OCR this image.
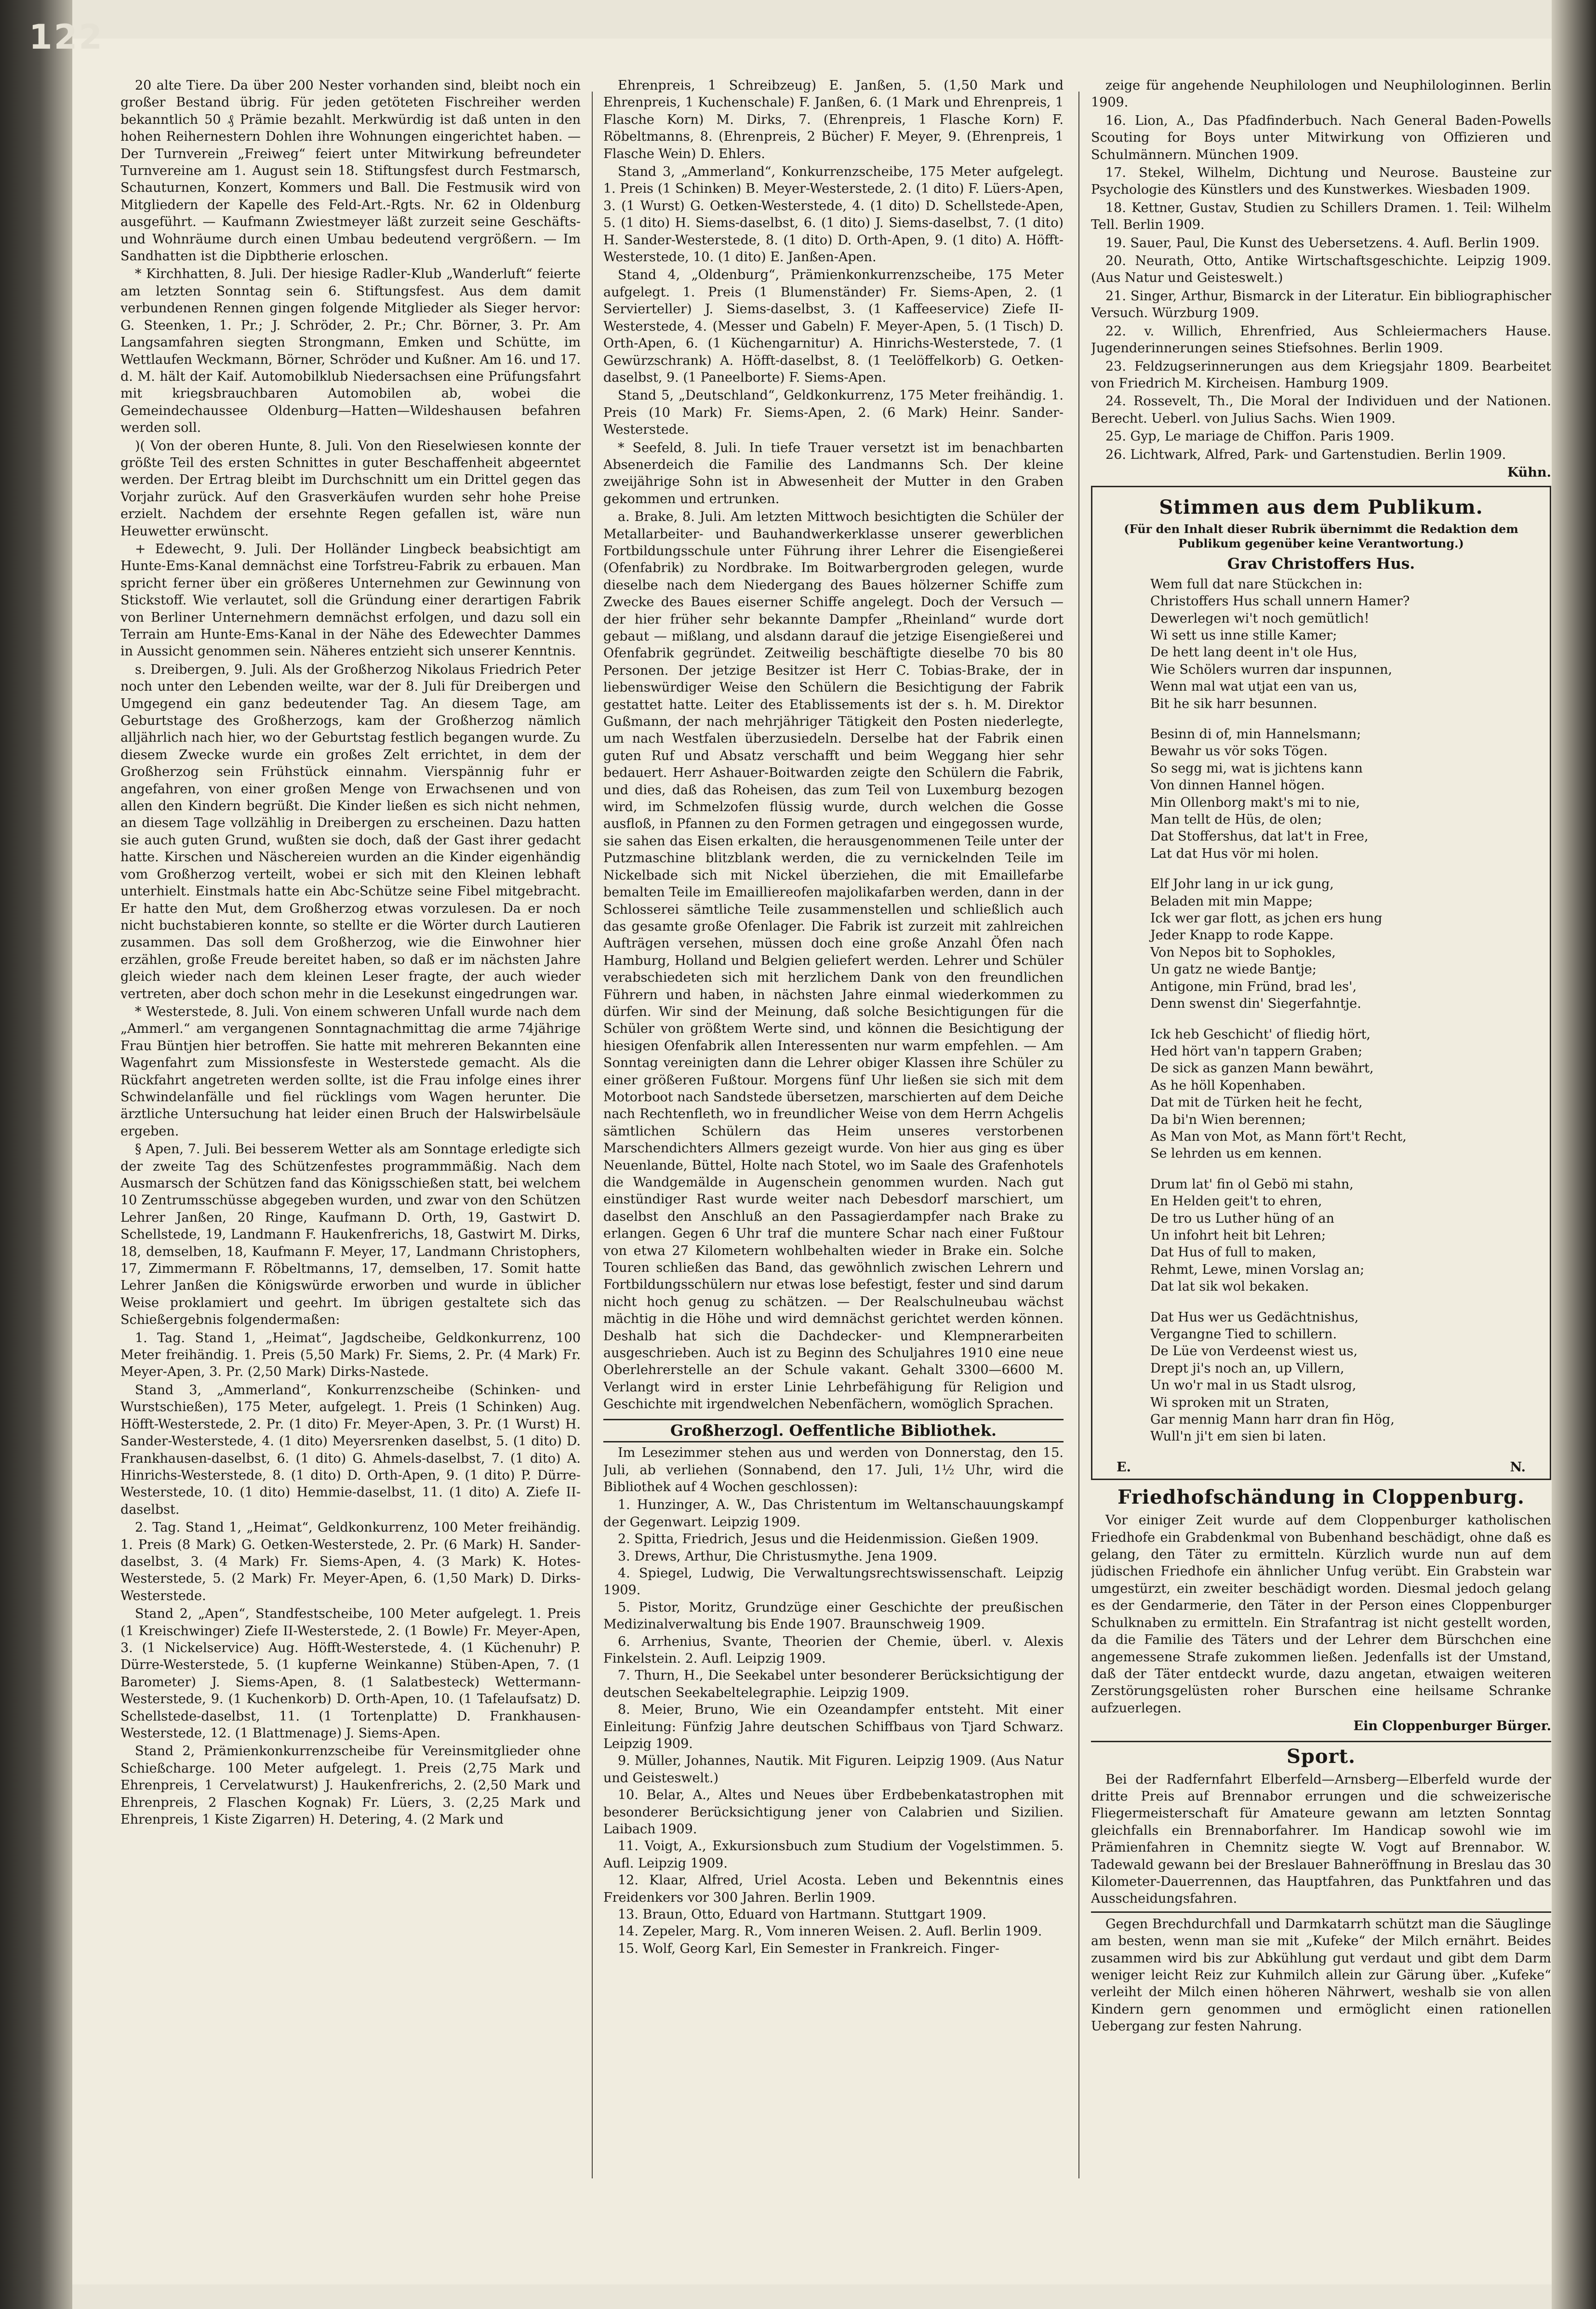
122

20 alte Tiere. Da über 200 Nester vorhanden sind, bleibt noch ein großer Bestand übrig. Für jeden getöteten Fischreiher werden bekanntlich 50 ₰ Prämie bezahlt. Merkwürdig ist daß unten in den hohen Reihernestern Dohlen ihre Wohnungen eingerichtet haben. — Der Turnverein „Freiweg“ feiert unter Mitwirkung befreundeter Turnvereine am 1. August sein 18. Stiftungsfest durch Festmarsch, Schauturnen, Konzert, Kommers und Ball. Die Festmusik wird von Mitgliedern der Kapelle des Feld-Art.-Rgts. Nr. 62 in Oldenburg ausgeführt. — Kaufmann Zwiestmeyer läßt zurzeit seine Geschäfts- und Wohnräume durch einen Umbau bedeutend vergrößern. — Im Sandhatten ist die Dipbtherie erloschen.

* Kirchhatten, 8. Juli. Der hiesige Radler-Klub „Wanderluft“ feierte am letzten Sonntag sein 6. Stiftungsfest. Aus dem damit verbundenen Rennen gingen folgende Mitglieder als Sieger hervor: G. Steenken, 1. Pr.; J. Schröder, 2. Pr.; Chr. Börner, 3. Pr. Am Langsamfahren siegten Strongmann, Emken und Schütte, im Wettlaufen Weckmann, Börner, Schröder und Kußner. Am 16. und 17. d. M. hält der Kaif. Automobilklub Niedersachsen eine Prüfungsfahrt mit kriegsbrauchbaren Automobilen ab, wobei die Gemeindechaussee Oldenburg—Hatten—Wildeshausen befahren werden soll.

)( Von der oberen Hunte, 8. Juli. Von den Rieselwiesen konnte der größte Teil des ersten Schnittes in guter Beschaffenheit abgeerntet werden. Der Ertrag bleibt im Durchschnitt um ein Drittel gegen das Vorjahr zurück. Auf den Grasverkäufen wurden sehr hohe Preise erzielt. Nachdem der ersehnte Regen gefallen ist, wäre nun Heuwetter erwünscht.

+ Edewecht, 9. Juli. Der Holländer Lingbeck beabsichtigt am Hunte-Ems-Kanal demnächst eine Torfstreu-Fabrik zu erbauen. Man spricht ferner über ein größeres Unternehmen zur Gewinnung von Stickstoff. Wie verlautet, soll die Gründung einer derartigen Fabrik von Berliner Unternehmern demnächst erfolgen, und dazu soll ein Terrain am Hunte-Ems-Kanal in der Nähe des Edewechter Dammes in Aussicht genommen sein. Näheres entzieht sich unserer Kenntnis.

s. Dreibergen, 9. Juli. Als der Großherzog Nikolaus Friedrich Peter noch unter den Lebenden weilte, war der 8. Juli für Dreibergen und Umgegend ein ganz bedeutender Tag. An diesem Tage, am Geburtstage des Großherzogs, kam der Großherzog nämlich alljährlich nach hier, wo der Geburtstag festlich begangen wurde. Zu diesem Zwecke wurde ein großes Zelt errichtet, in dem der Großherzog sein Frühstück einnahm. Vierspännig fuhr er angefahren, von einer großen Menge von Erwachsenen und von allen den Kindern begrüßt. Die Kinder ließen es sich nicht nehmen, an diesem Tage vollzählig in Dreibergen zu erscheinen. Dazu hatten sie auch guten Grund, wußten sie doch, daß der Gast ihrer gedacht hatte. Kirschen und Näschereien wurden an die Kinder eigenhändig vom Großherzog verteilt, wobei er sich mit den Kleinen lebhaft unterhielt. Einstmals hatte ein Abc-Schütze seine Fibel mitgebracht. Er hatte den Mut, dem Großherzog etwas vorzulesen. Da er noch nicht buchstabieren konnte, so stellte er die Wörter durch Lautieren zusammen. Das soll dem Großherzog, wie die Einwohner hier erzählen, große Freude bereitet haben, so daß er im nächsten Jahre gleich wieder nach dem kleinen Leser fragte, der auch wieder vertreten, aber doch schon mehr in die Lesekunst eingedrungen war.

* Westerstede, 8. Juli. Von einem schweren Unfall wurde nach dem „Ammerl.“ am vergangenen Sonntagnachmittag die arme 74jährige Frau Büntjen hier betroffen. Sie hatte mit mehreren Bekannten eine Wagenfahrt zum Missionsfeste in Westerstede gemacht. Als die Rückfahrt angetreten werden sollte, ist die Frau infolge eines ihrer Schwindelanfälle und fiel rücklings vom Wagen herunter. Die ärztliche Untersuchung hat leider einen Bruch der Halswirbelsäule ergeben.

§ Apen, 7. Juli. Bei besserem Wetter als am Sonntage erledigte sich der zweite Tag des Schützenfestes programmmäßig. Nach dem Ausmarsch der Schützen fand das Königsschießen statt, bei welchem 10 Zentrumsschüsse abgegeben wurden, und zwar von den Schützen Lehrer Janßen, 20 Ringe, Kaufmann D. Orth, 19, Gastwirt D. Schellstede, 19, Landmann F. Haukenfrerichs, 18, Gastwirt M. Dirks, 18, demselben, 18, Kaufmann F. Meyer, 17, Landmann Christophers, 17, Zimmermann F. Röbeltmanns, 17, demselben, 17. Somit hatte Lehrer Janßen die Königswürde erworben und wurde in üblicher Weise proklamiert und geehrt. Im übrigen gestaltete sich das Schießergebnis folgendermaßen:

1. Tag. Stand 1, „Heimat“, Jagdscheibe, Geldkonkurrenz, 100 Meter freihändig. 1. Preis (5,50 Mark) Fr. Siems, 2. Pr. (4 Mark) Fr. Meyer-Apen, 3. Pr. (2,50 Mark) Dirks-Nastede.

Stand 3, „Ammerland“, Konkurrenzscheibe (Schinken- und Wurstschießen), 175 Meter, aufgelegt. 1. Preis (1 Schinken) Aug. Höfft-Westerstede, 2. Pr. (1 dito) Fr. Meyer-Apen, 3. Pr. (1 Wurst) H. Sander-Westerstede, 4. (1 dito) Meyersrenken daselbst, 5. (1 dito) D. Frankhausen-daselbst, 6. (1 dito) G. Ahmels-daselbst, 7. (1 dito) A. Hinrichs-Westerstede, 8. (1 dito) D. Orth-Apen, 9. (1 dito) P. Dürre-Westerstede, 10. (1 dito) Hemmie-daselbst, 11. (1 dito) A. Ziefe II-daselbst.

2. Tag. Stand 1, „Heimat“, Geldkonkurrenz, 100 Meter freihändig. 1. Preis (8 Mark) G. Oetken-Westerstede, 2. Pr. (6 Mark) H. Sander-daselbst, 3. (4 Mark) Fr. Siems-Apen, 4. (3 Mark) K. Hotes-Westerstede, 5. (2 Mark) Fr. Meyer-Apen, 6. (1,50 Mark) D. Dirks-Westerstede.

Stand 2, „Apen“, Standfestscheibe, 100 Meter aufgelegt. 1. Preis (1 Kreischwinger) Ziefe II-Westerstede, 2. (1 Bowle) Fr. Meyer-Apen, 3. (1 Nickelservice) Aug. Höfft-Westerstede, 4. (1 Küchenuhr) P. Dürre-Westerstede, 5. (1 kupferne Weinkanne) Stüben-Apen, 7. (1 Barometer) J. Siems-Apen, 8. (1 Salatbesteck) Wettermann-Westerstede, 9. (1 Kuchenkorb) D. Orth-Apen, 10. (1 Tafelaufsatz) D. Schellstede-daselbst, 11. (1 Tortenplatte) D. Frankhausen-Westerstede, 12. (1 Blattmenage) J. Siems-Apen.

Stand 2, Prämienkonkurrenzscheibe für Vereinsmitglieder ohne Schießcharge. 100 Meter aufgelegt. 1. Preis (2,75 Mark und Ehrenpreis, 1 Cervelatwurst) J. Haukenfrerichs, 2. (2,50 Mark und Ehrenpreis, 2 Flaschen Kognak) Fr. Lüers, 3. (2,25 Mark und Ehrenpreis, 1 Kiste Zigarren) H. Detering, 4. (2 Mark und

Ehrenpreis, 1 Schreibzeug) E. Janßen, 5. (1,50 Mark und Ehrenpreis, 1 Kuchenschale) F. Janßen, 6. (1 Mark und Ehrenpreis, 1 Flasche Korn) M. Dirks, 7. (Ehrenpreis, 1 Flasche Korn) F. Röbeltmanns, 8. (Ehrenpreis, 2 Bücher) F. Meyer, 9. (Ehrenpreis, 1 Flasche Wein) D. Ehlers.

Stand 3, „Ammerland“, Konkurrenzscheibe, 175 Meter aufgelegt. 1. Preis (1 Schinken) B. Meyer-Westerstede, 2. (1 dito) F. Lüers-Apen, 3. (1 Wurst) G. Oetken-Westerstede, 4. (1 dito) D. Schellstede-Apen, 5. (1 dito) H. Siems-daselbst, 6. (1 dito) J. Siems-daselbst, 7. (1 dito) H. Sander-Westerstede, 8. (1 dito) D. Orth-Apen, 9. (1 dito) A. Höfft-Westerstede, 10. (1 dito) E. Janßen-Apen.

Stand 4, „Oldenburg“, Prämienkonkurrenzscheibe, 175 Meter aufgelegt. 1. Preis (1 Blumenständer) Fr. Siems-Apen, 2. (1 Servierteller) J. Siems-daselbst, 3. (1 Kaffeeservice) Ziefe II-Westerstede, 4. (Messer und Gabeln) F. Meyer-Apen, 5. (1 Tisch) D. Orth-Apen, 6. (1 Küchengarnitur) A. Hinrichs-Westerstede, 7. (1 Gewürzschrank) A. Höfft-daselbst, 8. (1 Teelöffelkorb) G. Oetken-daselbst, 9. (1 Paneelborte) F. Siems-Apen.

Stand 5, „Deutschland“, Geldkonkurrenz, 175 Meter freihändig. 1. Preis (10 Mark) Fr. Siems-Apen, 2. (6 Mark) Heinr. Sander-Westerstede.

* Seefeld, 8. Juli. In tiefe Trauer versetzt ist im benachbarten Absenerdeich die Familie des Landmanns Sch. Der kleine zweijährige Sohn ist in Abwesenheit der Mutter in den Graben gekommen und ertrunken.

a. Brake, 8. Juli. Am letzten Mittwoch besichtigten die Schüler der Metallarbeiter- und Bauhandwerkerklasse unserer gewerblichen Fortbildungsschule unter Führung ihrer Lehrer die Eisengießerei (Ofenfabrik) zu Nordbrake. Im Boitwarbergroden gelegen, wurde dieselbe nach dem Niedergang des Baues hölzerner Schiffe zum Zwecke des Baues eiserner Schiffe angelegt. Doch der Versuch — der hier früher sehr bekannte Dampfer „Rheinland“ wurde dort gebaut — mißlang, und alsdann darauf die jetzige Eisengießerei und Ofenfabrik gegründet. Zeitweilig beschäftigte dieselbe 70 bis 80 Personen. Der jetzige Besitzer ist Herr C. Tobias-Brake, der in liebenswürdiger Weise den Schülern die Besichtigung der Fabrik gestattet hatte. Leiter des Etablissements ist der s. h. M. Direktor Gußmann, der nach mehrjähriger Tätigkeit den Posten niederlegte, um nach Westfalen überzusiedeln. Derselbe hat der Fabrik einen guten Ruf und Absatz verschafft und beim Weggang hier sehr bedauert. Herr Ashauer-Boitwarden zeigte den Schülern die Fabrik, und dies, daß das Roheisen, das zum Teil von Luxemburg bezogen wird, im Schmelzofen flüssig wurde, durch welchen die Gosse ausfloß, in Pfannen zu den Formen getragen und eingegossen wurde, sie sahen das Eisen erkalten, die herausgenommenen Teile unter der Putzmaschine blitzblank werden, die zu vernickelnden Teile im Nickelbade sich mit Nickel überziehen, die mit Emaillefarbe bemalten Teile im Emailliereofen majolikafarben werden, dann in der Schlosserei sämtliche Teile zusammenstellen und schließlich auch das gesamte große Ofenlager. Die Fabrik ist zurzeit mit zahlreichen Aufträgen versehen, müssen doch eine große Anzahl Öfen nach Hamburg, Holland und Belgien geliefert werden. Lehrer und Schüler verabschiedeten sich mit herzlichem Dank von den freundlichen Führern und haben, in nächsten Jahre einmal wiederkommen zu dürfen. Wir sind der Meinung, daß solche Besichtigungen für die Schüler von größtem Werte sind, und können die Besichtigung der hiesigen Ofenfabrik allen Interessenten nur warm empfehlen. — Am Sonntag vereinigten dann die Lehrer obiger Klassen ihre Schüler zu einer größeren Fußtour. Morgens fünf Uhr ließen sie sich mit dem Motorboot nach Sandstede übersetzen, marschierten auf dem Deiche nach Rechtenfleth, wo in freundlicher Weise von dem Herrn Achgelis sämtlichen Schülern das Heim unseres verstorbenen Marschendichters Allmers gezeigt wurde. Von hier aus ging es über Neuenlande, Büttel, Holte nach Stotel, wo im Saale des Grafenhotels die Wandgemälde in Augenschein genommen wurden. Nach gut einstündiger Rast wurde weiter nach Debesdorf marschiert, um daselbst den Anschluß an den Passagierdampfer nach Brake zu erlangen. Gegen 6 Uhr traf die muntere Schar nach einer Fußtour von etwa 27 Kilometern wohlbehalten wieder in Brake ein. Solche Touren schließen das Band, das gewöhnlich zwischen Lehrern und Fortbildungsschülern nur etwas lose befestigt, fester und sind darum nicht hoch genug zu schätzen. — Der Realschulneubau wächst mächtig in die Höhe und wird demnächst gerichtet werden können. Deshalb hat sich die Dachdecker- und Klempnerarbeiten ausgeschrieben. Auch ist zu Beginn des Schuljahres 1910 eine neue Oberlehrerstelle an der Schule vakant. Gehalt 3300—6600 M. Verlangt wird in erster Linie Lehrbefähigung für Religion und Geschichte mit irgendwelchen Nebenfächern, womöglich Sprachen.

Großherzogl. Oeffentliche Bibliothek.

Im Lesezimmer stehen aus und werden von Donnerstag, den 15. Juli, ab verliehen (Sonnabend, den 17. Juli, 1½ Uhr, wird die Bibliothek auf 4 Wochen geschlossen):

1. Hunzinger, A. W., Das Christentum im Weltanschauungskampf der Gegenwart. Leipzig 1909.
2. Spitta, Friedrich, Jesus und die Heidenmission. Gießen 1909.
3. Drews, Arthur, Die Christusmythe. Jena 1909.
4. Spiegel, Ludwig, Die Verwaltungsrechtswissenschaft. Leipzig 1909.
5. Pistor, Moritz, Grundzüge einer Geschichte der preußischen Medizinalverwaltung bis Ende 1907. Braunschweig 1909.
6. Arrhenius, Svante, Theorien der Chemie, überl. v. Alexis Finkelstein. 2. Aufl. Leipzig 1909.
7. Thurn, H., Die Seekabel unter besonderer Berücksichtigung der deutschen Seekabeltelegraphie. Leipzig 1909.
8. Meier, Bruno, Wie ein Ozeandampfer entsteht. Mit einer Einleitung: Fünfzig Jahre deutschen Schiffbaus von Tjard Schwarz. Leipzig 1909.
9. Müller, Johannes, Nautik. Mit Figuren. Leipzig 1909. (Aus Natur und Geisteswelt.)
10. Belar, A., Altes und Neues über Erdbebenkatastrophen mit besonderer Berücksichtigung jener von Calabrien und Sizilien. Laibach 1909.
11. Voigt, A., Exkursionsbuch zum Studium der Vogelstimmen. 5. Aufl. Leipzig 1909.
12. Klaar, Alfred, Uriel Acosta. Leben und Bekenntnis eines Freidenkers vor 300 Jahren. Berlin 1909.
13. Braun, Otto, Eduard von Hartmann. Stuttgart 1909.
14. Zepeler, Marg. R., Vom inneren Weisen. 2. Aufl. Berlin 1909.
15. Wolf, Georg Karl, Ein Semester in Frankreich. Finger-

zeige für angehende Neuphilologen und Neuphilologinnen. Berlin 1909.

16. Lion, A., Das Pfadfinderbuch. Nach General Baden-Powells Scouting for Boys unter Mitwirkung von Offizieren und Schulmännern. München 1909.

17. Stekel, Wilhelm, Dichtung und Neurose. Bausteine zur Psychologie des Künstlers und des Kunstwerkes. Wiesbaden 1909.

18. Kettner, Gustav, Studien zu Schillers Dramen. 1. Teil: Wilhelm Tell. Berlin 1909.

19. Sauer, Paul, Die Kunst des Uebersetzens. 4. Aufl. Berlin 1909.

20. Neurath, Otto, Antike Wirtschaftsgeschichte. Leipzig 1909. (Aus Natur und Geisteswelt.)

21. Singer, Arthur, Bismarck in der Literatur. Ein bibliographischer Versuch. Würzburg 1909.

22. v. Willich, Ehrenfried, Aus Schleiermachers Hause. Jugenderinnerungen seines Stiefsohnes. Berlin 1909.

23. Feldzugserinnerungen aus dem Kriegsjahr 1809. Bearbeitet von Friedrich M. Kircheisen. Hamburg 1909.

24. Rossevelt, Th., Die Moral der Individuen und der Nationen. Berecht. Ueberl. von Julius Sachs. Wien 1909.

25. Gyp, Le mariage de Chiffon. Paris 1909.

26. Lichtwark, Alfred, Park- und Gartenstudien. Berlin 1909.

Kühn.
Stimmen aus dem Publikum.
(Für den Inhalt dieser Rubrik übernimmt die Redaktion dem Publikum gegenüber keine Verantwortung.)
Grav Christoffers Hus.
Wem full dat nare Stückchen in:
Christoffers Hus schall unnern Hamer?
Dewerlegen wi't noch gemütlich!
Wi sett us inne stille Kamer;
De hett lang deent in't ole Hus,
Wie Schölers wurren dar inspunnen,
Wenn mal wat utjat een van us,
Bit he sik harr besunnen.
Besinn di of, min Hannelsmann;
Bewahr us vör soks Tögen.
So segg mi, wat is jichtens kann
Von dinnen Hannel högen.
Min Ollenborg makt's mi to nie,
Man tellt de Hüs, de olen;
Dat Stoffershus, dat lat't in Free,
Lat dat Hus vör mi holen.
Elf Johr lang in ur ick gung,
Beladen mit min Mappe;
Ick wer gar flott, as jchen ers hung
Jeder Knapp to rode Kappe.
Von Nepos bit to Sophokles,
Un gatz ne wiede Bantje;
Antigone, min Fründ, brad les',
Denn swenst din' Siegerfahntje.
Ick heb Geschicht' of fliedig hört,
Hed hört van'n tappern Graben;
De sick as ganzen Mann bewährt,
As he höll Kopenhaben.
Dat mit de Türken heit he fecht,
Da bi'n Wien berennen;
As Man von Mot, as Mann fört't Recht,
Se lehrden us em kennen.
Drum lat' fin ol Gebö mi stahn,
En Helden geit't to ehren,
De tro us Luther hüng of an
Un infohrt heit bit Lehren;
Dat Hus of full to maken,
Rehmt, Lewe, minen Vorslag an;
Dat lat sik wol bekaken.
Dat Hus wer us Gedächtnishus,
Vergangne Tied to schillern.
De Lüe von Verdeenst wiest us,
Drept ji's noch an, up Villern,
Un wo'r mal in us Stadt ulsrog,
Wi sproken mit un Straten,
Gar mennig Mann harr dran fin Hög,
Wull'n ji't em sien bi laten.
E.	N.
Friedhofschändung in Cloppenburg.

Vor einiger Zeit wurde auf dem Cloppenburger katholischen Friedhofe ein Grabdenkmal von Bubenhand beschädigt, ohne daß es gelang, den Täter zu ermitteln. Kürzlich wurde nun auf dem jüdischen Friedhofe ein ähnlicher Unfug verübt. Ein Grabstein war umgestürzt, ein zweiter beschädigt worden. Diesmal jedoch gelang es der Gendarmerie, den Täter in der Person eines Cloppenburger Schulknaben zu ermitteln. Ein Strafantrag ist nicht gestellt worden, da die Familie des Täters und der Lehrer dem Bürschchen eine angemessene Strafe zukommen ließen. Jedenfalls ist der Umstand, daß der Täter entdeckt wurde, dazu angetan, etwaigen weiteren Zerstörungsgelüsten roher Burschen eine heilsame Schranke aufzuerlegen.

Ein Cloppenburger Bürger.
Sport.

Bei der Radfernfahrt Elberfeld—Arnsberg—Elberfeld wurde der dritte Preis auf Brennabor errungen und die schweizerische Fliegermeisterschaft für Amateure gewann am letzten Sonntag gleichfalls ein Brennaborfahrer. Im Handicap sowohl wie im Prämienfahren in Chemnitz siegte W. Vogt auf Brennabor. W. Tadewald gewann bei der Breslauer Bahneröffnung in Breslau das 30 Kilometer-Dauerrennen, das Hauptfahren, das Punktfahren und das Ausscheidungsfahren.

Gegen Brechdurchfall und Darmkatarrh schützt man die Säuglinge am besten, wenn man sie mit „Kufeke“ der Milch ernährt. Beides zusammen wird bis zur Abkühlung gut verdaut und gibt dem Darm weniger leicht Reiz zur Kuhmilch allein zur Gärung über. „Kufeke“ verleiht der Milch einen höheren Nährwert, weshalb sie von allen Kindern gern genommen und ermöglicht einen rationellen Uebergang zur festen Nahrung.
